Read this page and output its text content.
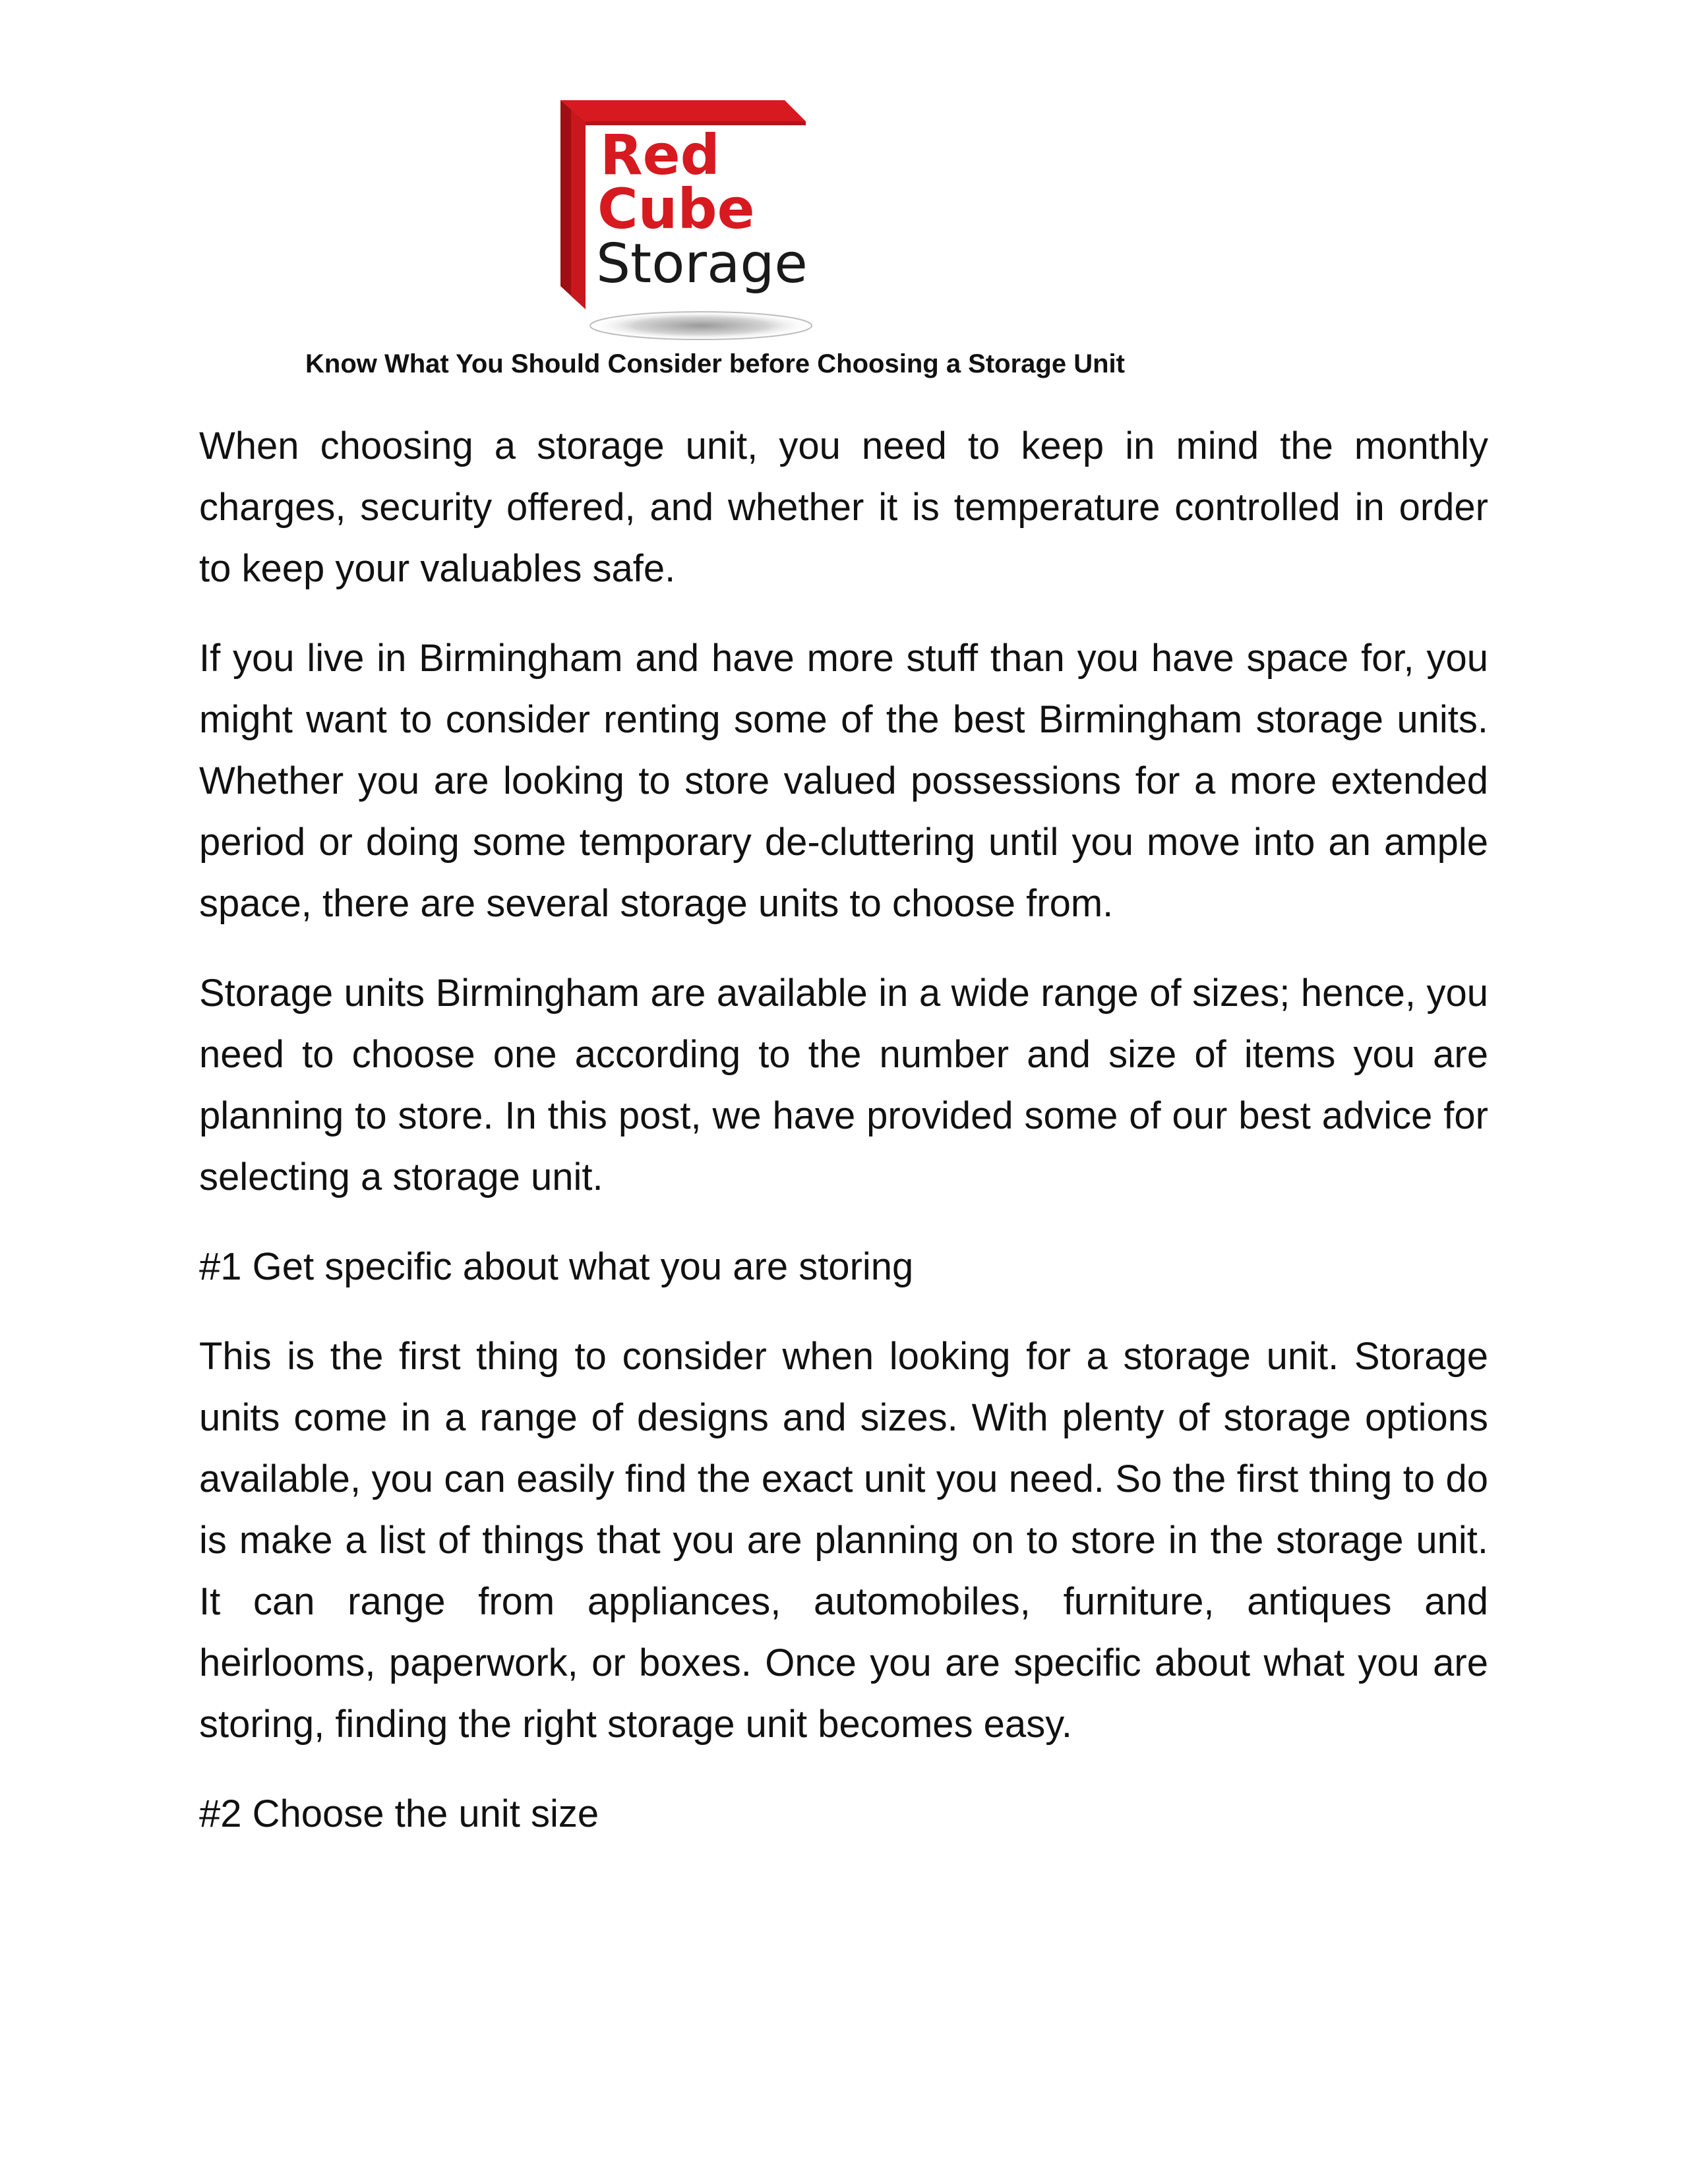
Red
Cube
Storage
Know What You Should Consider before Choosing a Storage Unit

When choosing a storage unit, you need to keep in mind the monthly charges, security offered, and whether it is temperature controlled in order to keep your valuables safe.

If you live in Birmingham and have more stuff than you have space for, you might want to consider renting some of the best Birmingham storage units. Whether you are looking to store valued possessions for a more extended period or doing some temporary de-cluttering until you move into an ample space, there are several storage units to choose from.

Storage units Birmingham are available in a wide range of sizes; hence, you need to choose one according to the number and size of items you are planning to store. In this post, we have provided some of our best advice for selecting a storage unit.

#1 Get specific about what you are storing

This is the first thing to consider when looking for a storage unit. Storage units come in a range of designs and sizes. With plenty of storage options available, you can easily find the exact unit you need. So the first thing to do is make a list of things that you are planning on to store in the storage unit. It can range from appliances, automobiles, furniture, antiques and heirlooms, paperwork, or boxes. Once you are specific about what you are storing, finding the right storage unit becomes easy.

#2 Choose the unit size
